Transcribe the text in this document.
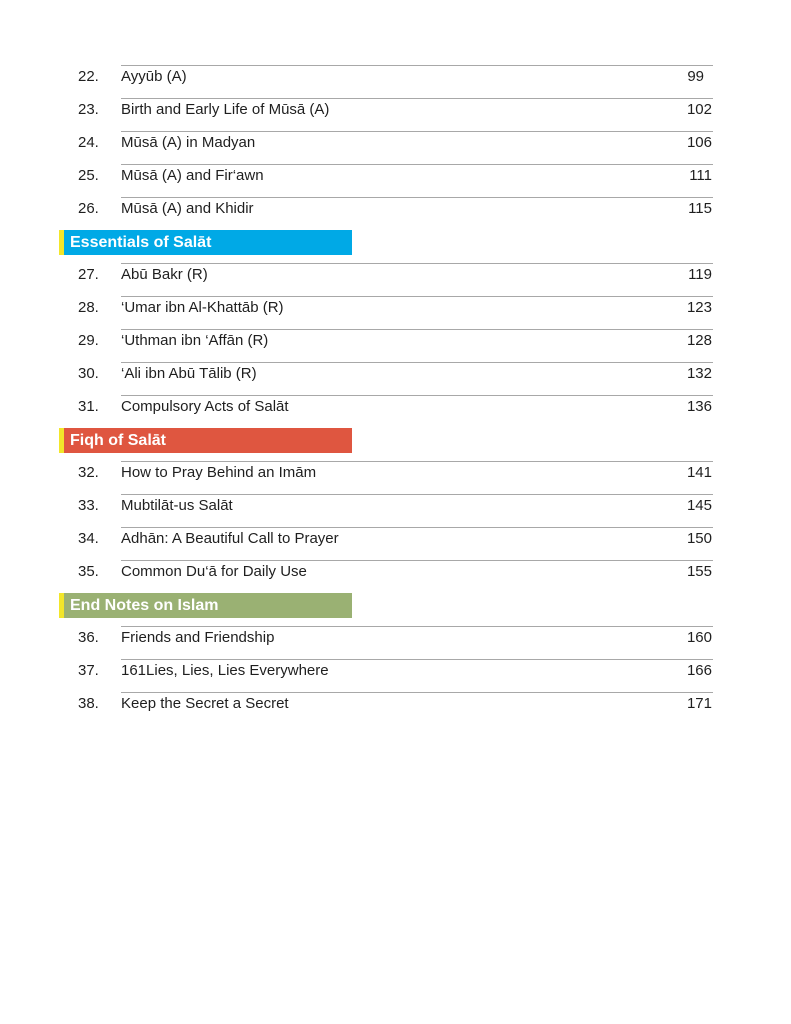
22. Ayyūb (A)	99
23. Birth and Early Life of Mūsā (A)	102
24. Mūsā (A) in Madyan	106
25. Mūsā (A) and Fir‘awn	111
26. Mūsā (A) and Khidir	115
Essentials of Salāt
27. Abū Bakr (R)	119
28. ‘Umar ibn Al-Khattāb (R)	123
29. ‘Uthman ibn ‘Affān (R)	128
30. ‘Ali ibn Abū Tālib (R)	132
31. Compulsory Acts of Salāt	136
Fiqh of Salāt
32. How to Pray Behind an Imām	141
33. Mubtilāt-us Salāt	145
34. Adhān: A Beautiful Call to Prayer	150
35. Common Du‘ā for Daily Use	155
End Notes on Islam
36. Friends and Friendship	160
37. 161Lies, Lies, Lies Everywhere	166
38. Keep the Secret a Secret	171
